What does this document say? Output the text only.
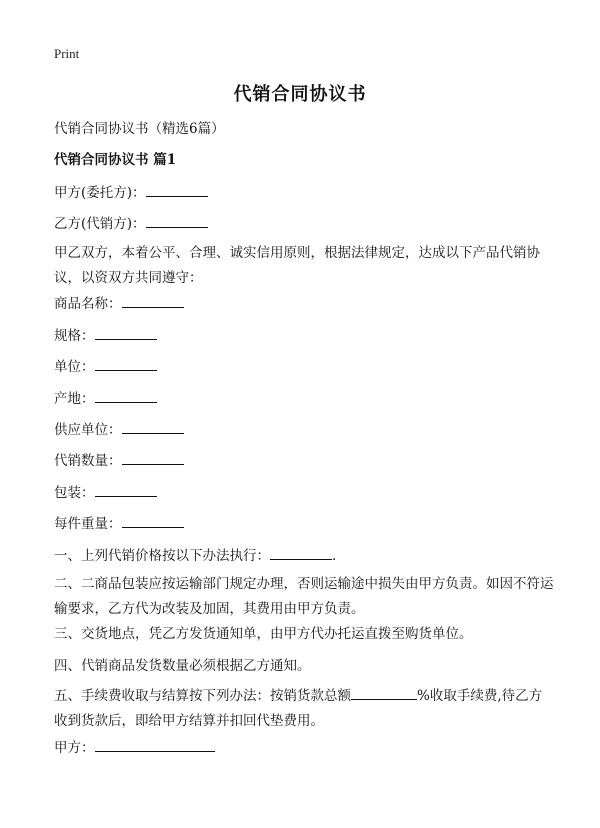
Print
代销合同协议书
代销合同协议书（精选6篇）
代销合同协议书 篇1
甲方(委托方)：
乙方(代销方)：
甲乙双方，本着公平、合理、诚实信用原则，根据法律规定，达成以下产品代销协议，以资双方共同遵守：
商品名称：
规格：
单位：
产地：
供应单位：
代销数量：
包装：
每件重量：
一、上列代销价格按以下办法执行：	.
二、二商品包装应按运输部门规定办理，否则运输途中损失由甲方负责。如因不符运输要求，乙方代为改装及加固，其费用由甲方负责。
三、交货地点，凭乙方发货通知单，由甲方代办托运直拨至购货单位。
四、代销商品发货数量必须根据乙方通知。
五、手续费收取与结算按下列办法：按销货款总额	%收取手续费,待乙方收到货款后，即给甲方结算并扣回代垫费用。
甲方：
